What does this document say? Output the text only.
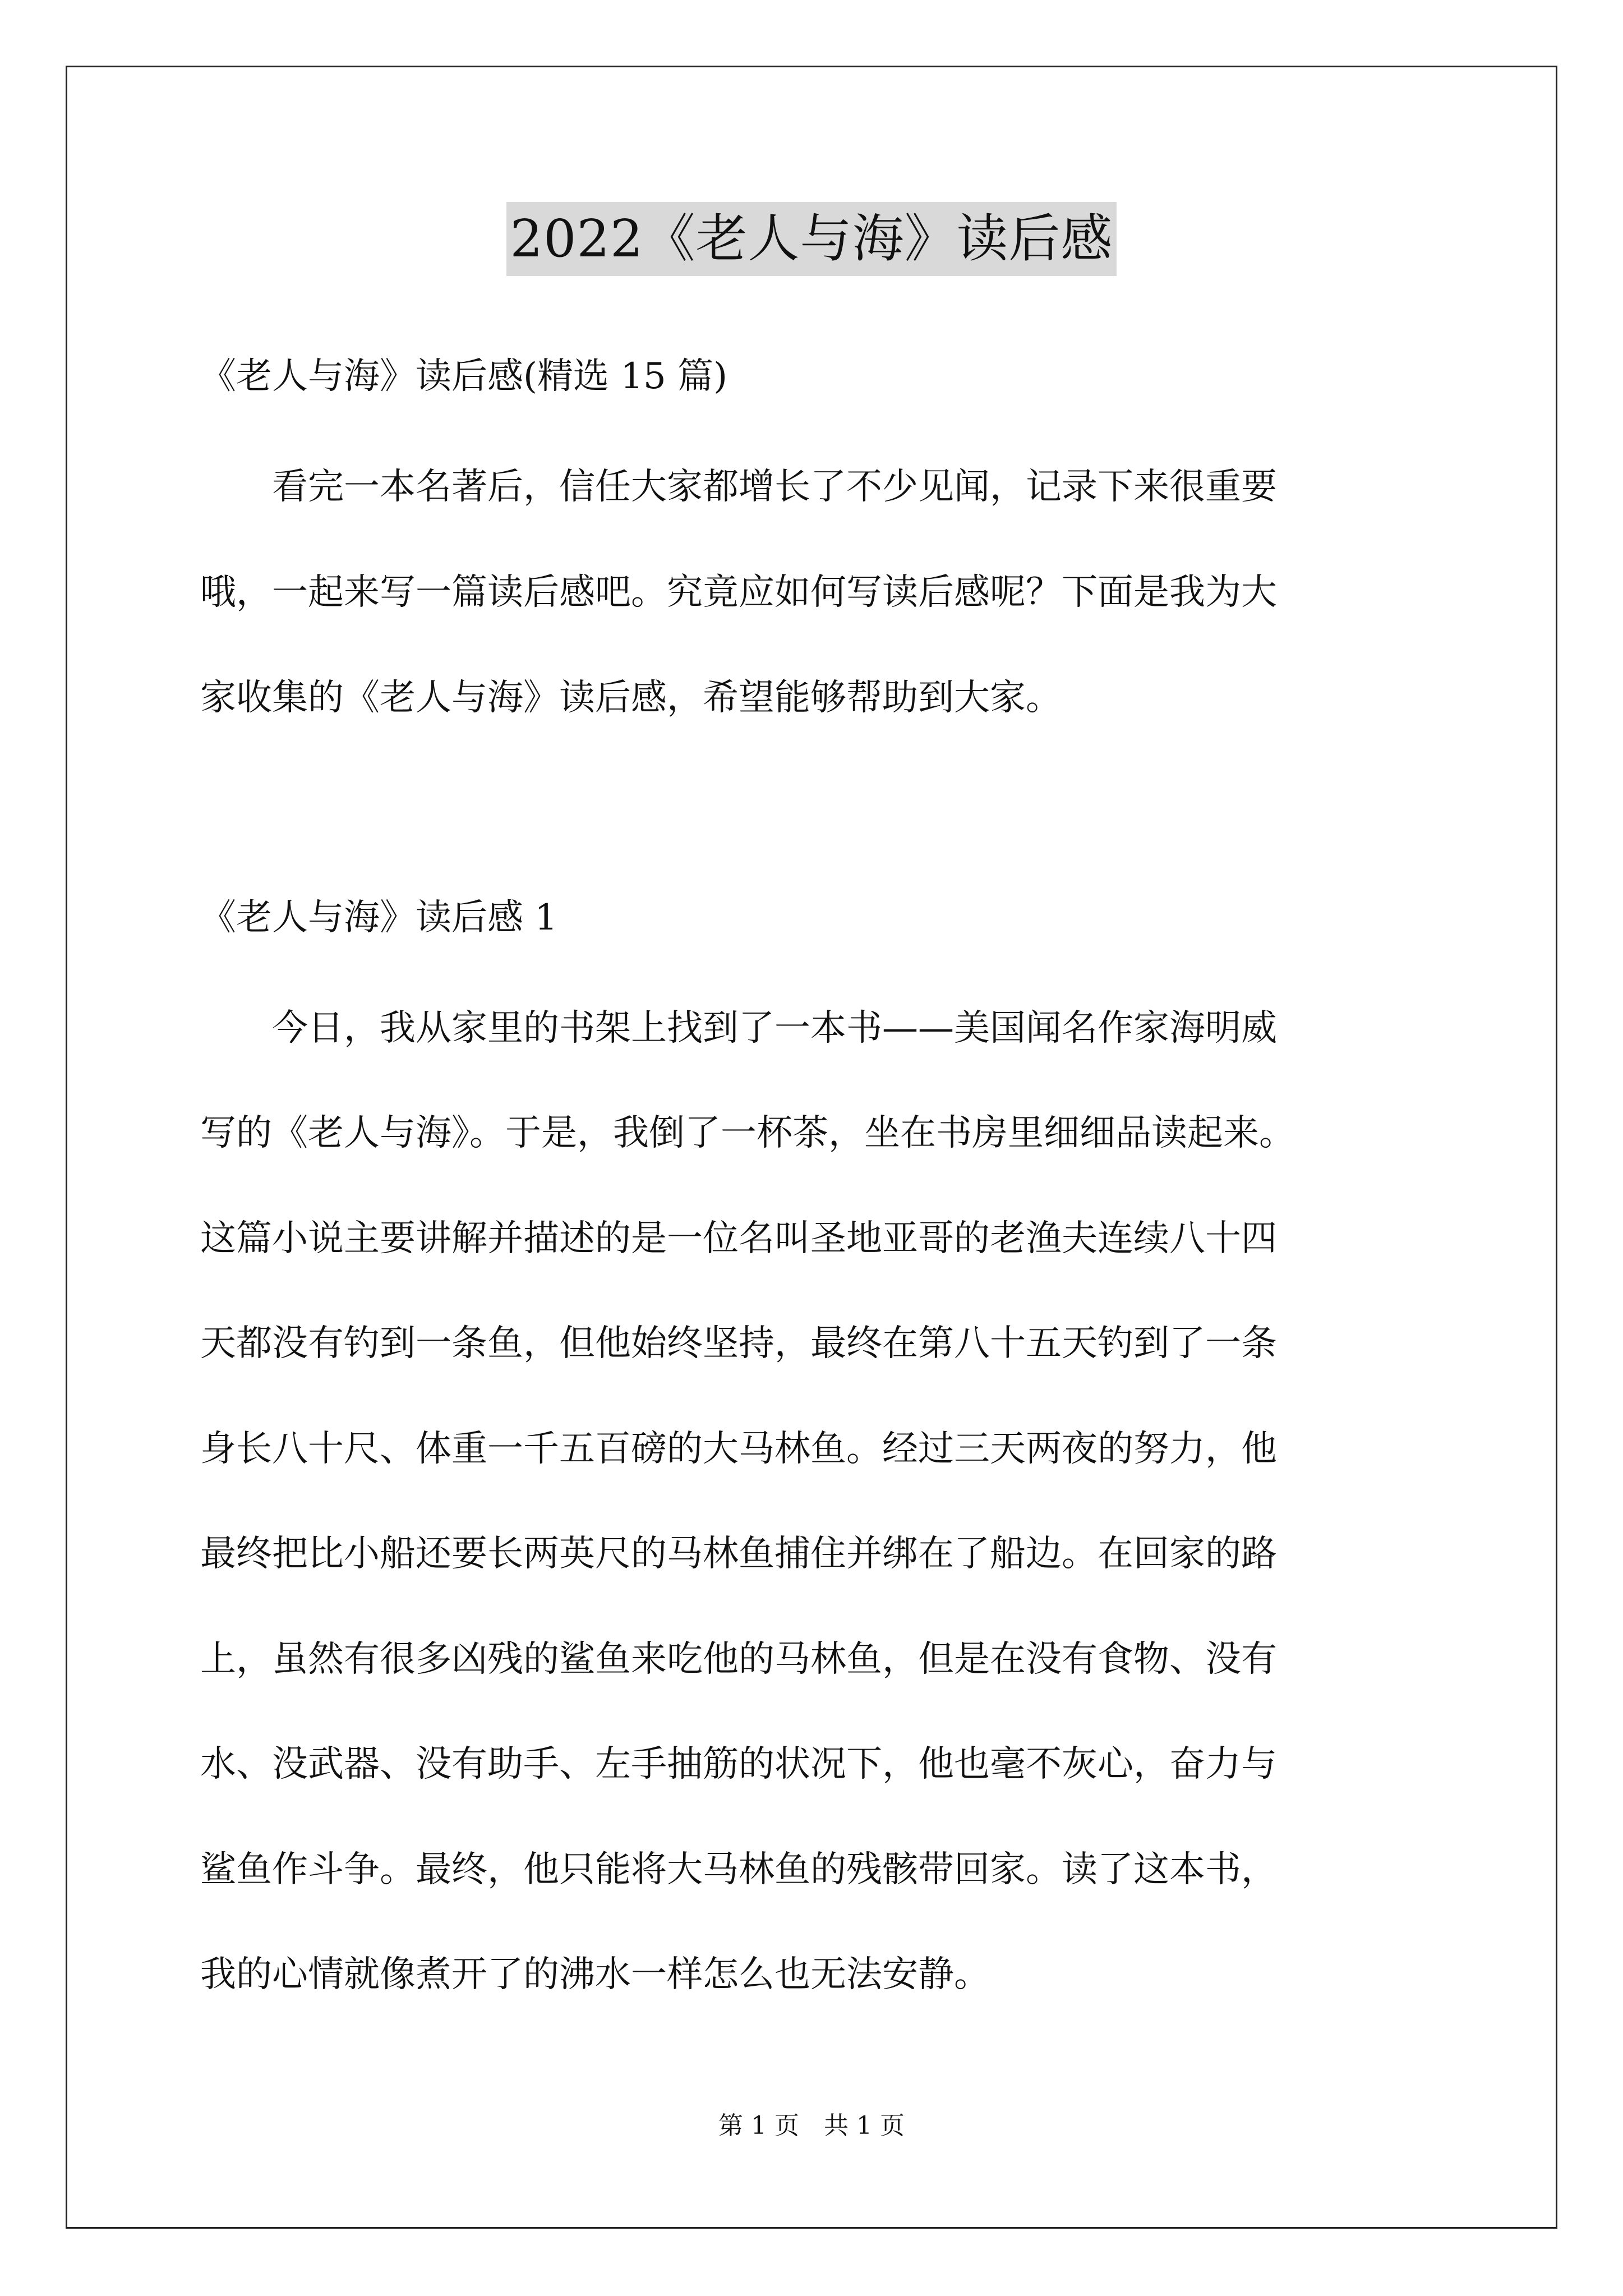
2022《老人与海》读后感
《老人与海》读后感(精选 15 篇)
　　看完一本名著后，信任大家都增长了不少见闻，记录下来很重要
哦，一起来写一篇读后感吧。究竟应如何写读后感呢？下面是我为大
家收集的《老人与海》读后感，希望能够帮助到大家。
《老人与海》读后感 1
　　今日，我从家里的书架上找到了一本书——美国闻名作家海明威
写的《老人与海》。于是，我倒了一杯茶，坐在书房里细细品读起来。
这篇小说主要讲解并描述的是一位名叫圣地亚哥的老渔夫连续八十四
天都没有钓到一条鱼，但他始终坚持，最终在第八十五天钓到了一条
身长八十尺、体重一千五百磅的大马林鱼。经过三天两夜的努力，他
最终把比小船还要长两英尺的马林鱼捕住并绑在了船边。在回家的路
上，虽然有很多凶残的鲨鱼来吃他的马林鱼，但是在没有食物、没有
水、没武器、没有助手、左手抽筋的状况下，他也毫不灰心，奋力与
鲨鱼作斗争。最终，他只能将大马林鱼的残骸带回家。读了这本书，
我的心情就像煮开了的沸水一样怎么也无法安静。
第 1 页　共 1 页
